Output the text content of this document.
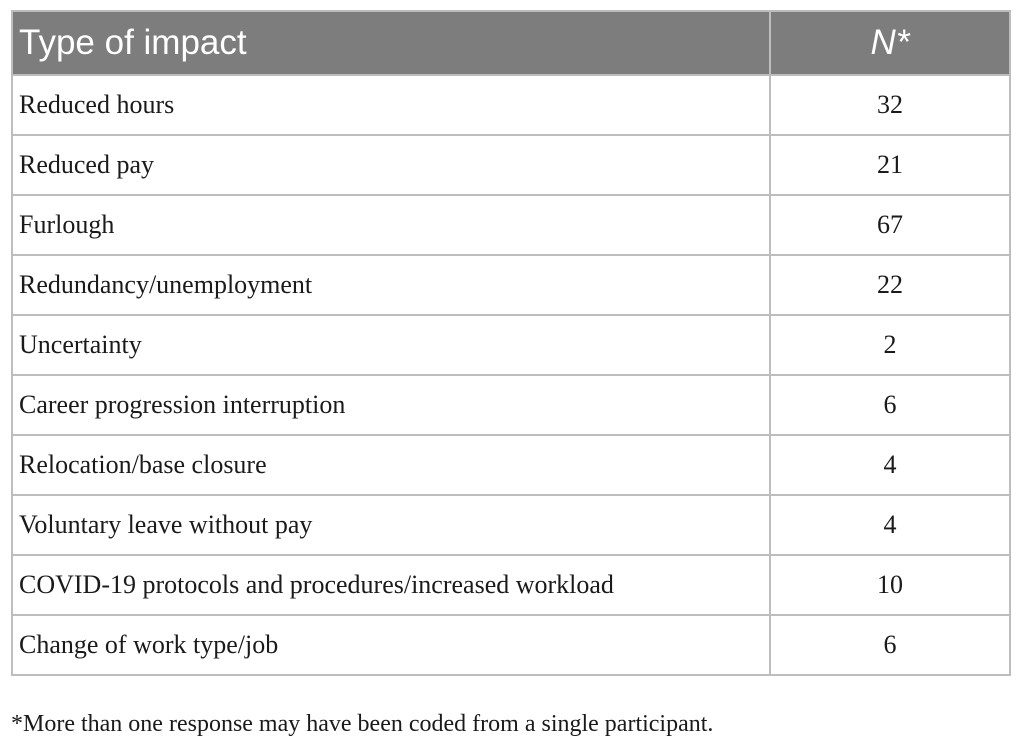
Type of impact	N*
Reduced hours	32
Reduced pay	21
Furlough	67
Redundancy/unemployment	22
Uncertainty	2
Career progression interruption	6
Relocation/base closure	4
Voluntary leave without pay	4
COVID-19 protocols and procedures/increased workload	10
Change of work type/job	6
*More than one response may have been coded from a single participant.
